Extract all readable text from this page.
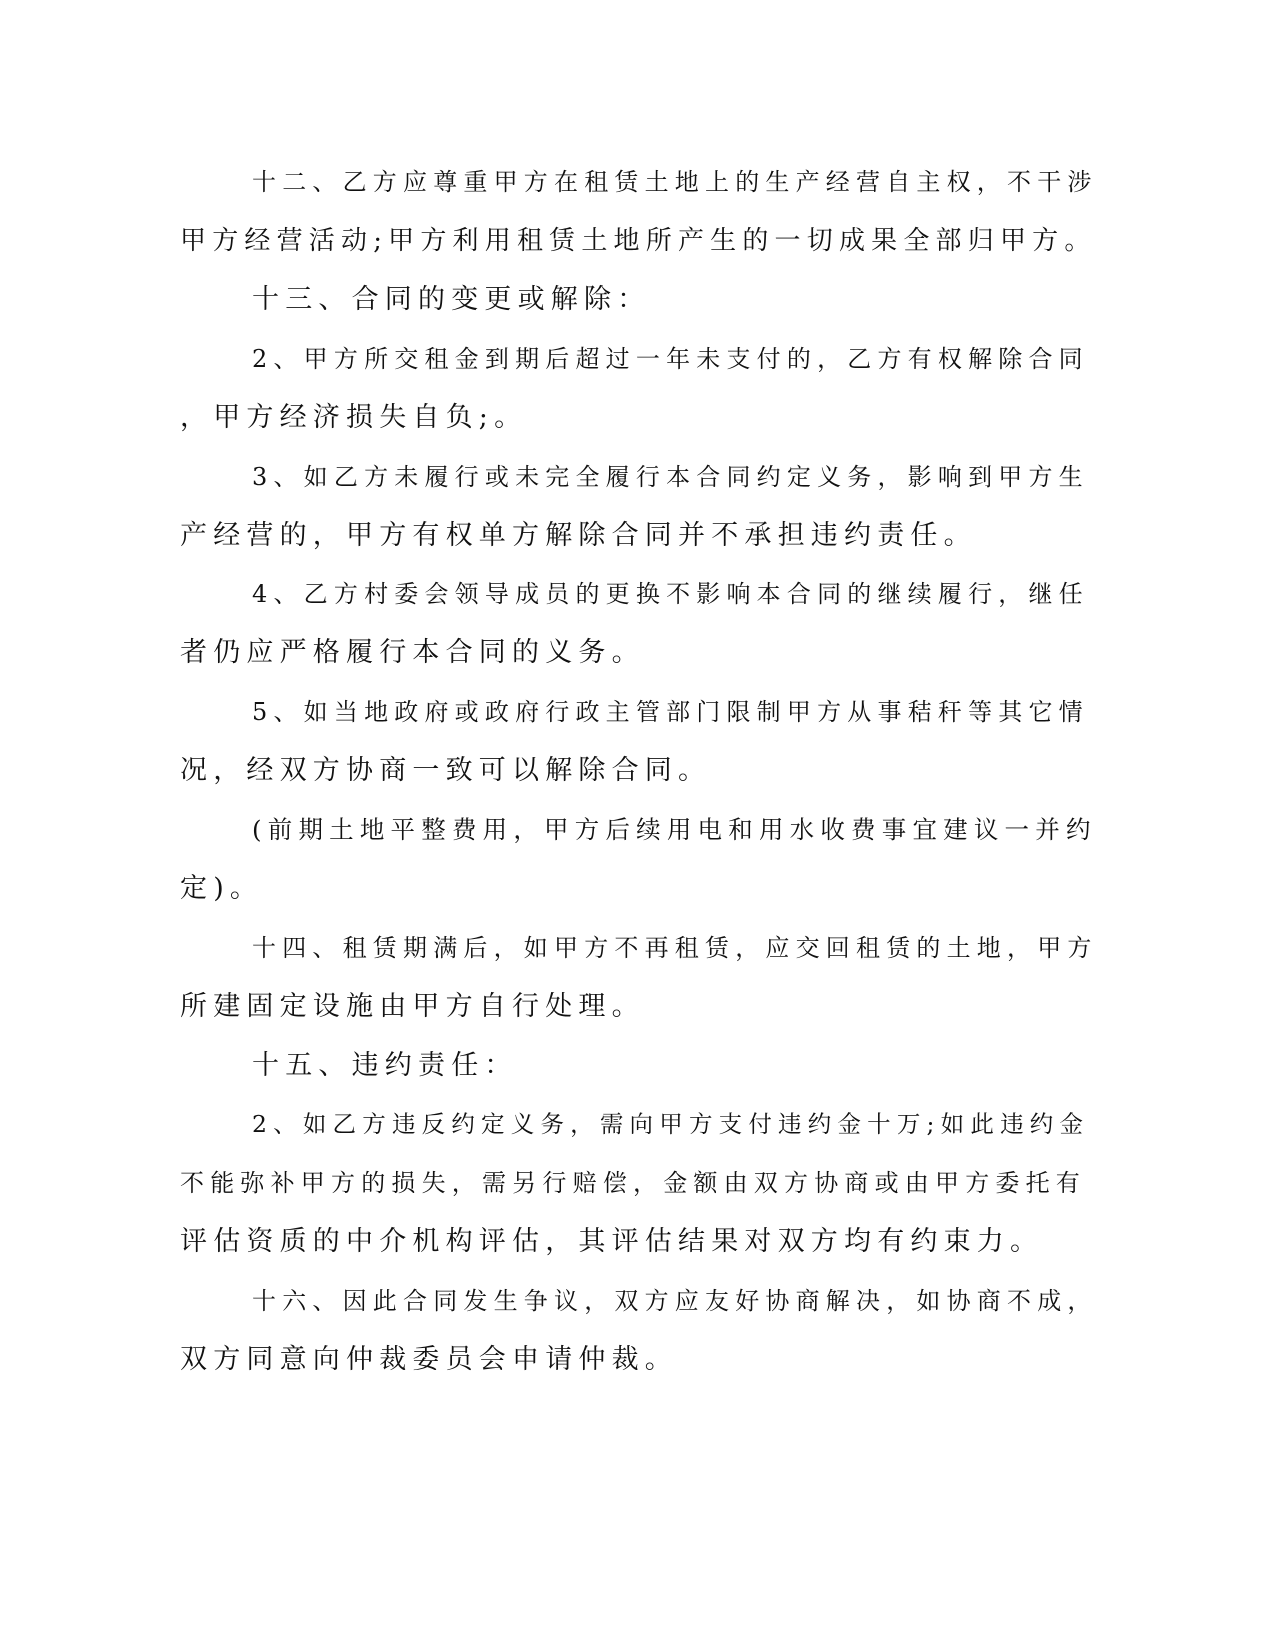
十二、乙方应尊重甲方在租赁土地上的生产经营自主权，不干涉
甲方经营活动;甲方利用租赁土地所产生的一切成果全部归甲方。
十三、合同的变更或解除：
2、甲方所交租金到期后超过一年未支付的，乙方有权解除合同
，甲方经济损失自负;。
3、如乙方未履行或未完全履行本合同约定义务，影响到甲方生
产经营的，甲方有权单方解除合同并不承担违约责任。
4、乙方村委会领导成员的更换不影响本合同的继续履行，继任
者仍应严格履行本合同的义务。
5、如当地政府或政府行政主管部门限制甲方从事秸秆等其它情
况，经双方协商一致可以解除合同。
(前期土地平整费用，甲方后续用电和用水收费事宜建议一并约
定)。
十四、租赁期满后，如甲方不再租赁，应交回租赁的土地，甲方
所建固定设施由甲方自行处理。
十五、违约责任：
2、如乙方违反约定义务，需向甲方支付违约金十万;如此违约金
不能弥补甲方的损失，需另行赔偿，金额由双方协商或由甲方委托有
评估资质的中介机构评估，其评估结果对双方均有约束力。
十六、因此合同发生争议，双方应友好协商解决，如协商不成，
双方同意向仲裁委员会申请仲裁。
